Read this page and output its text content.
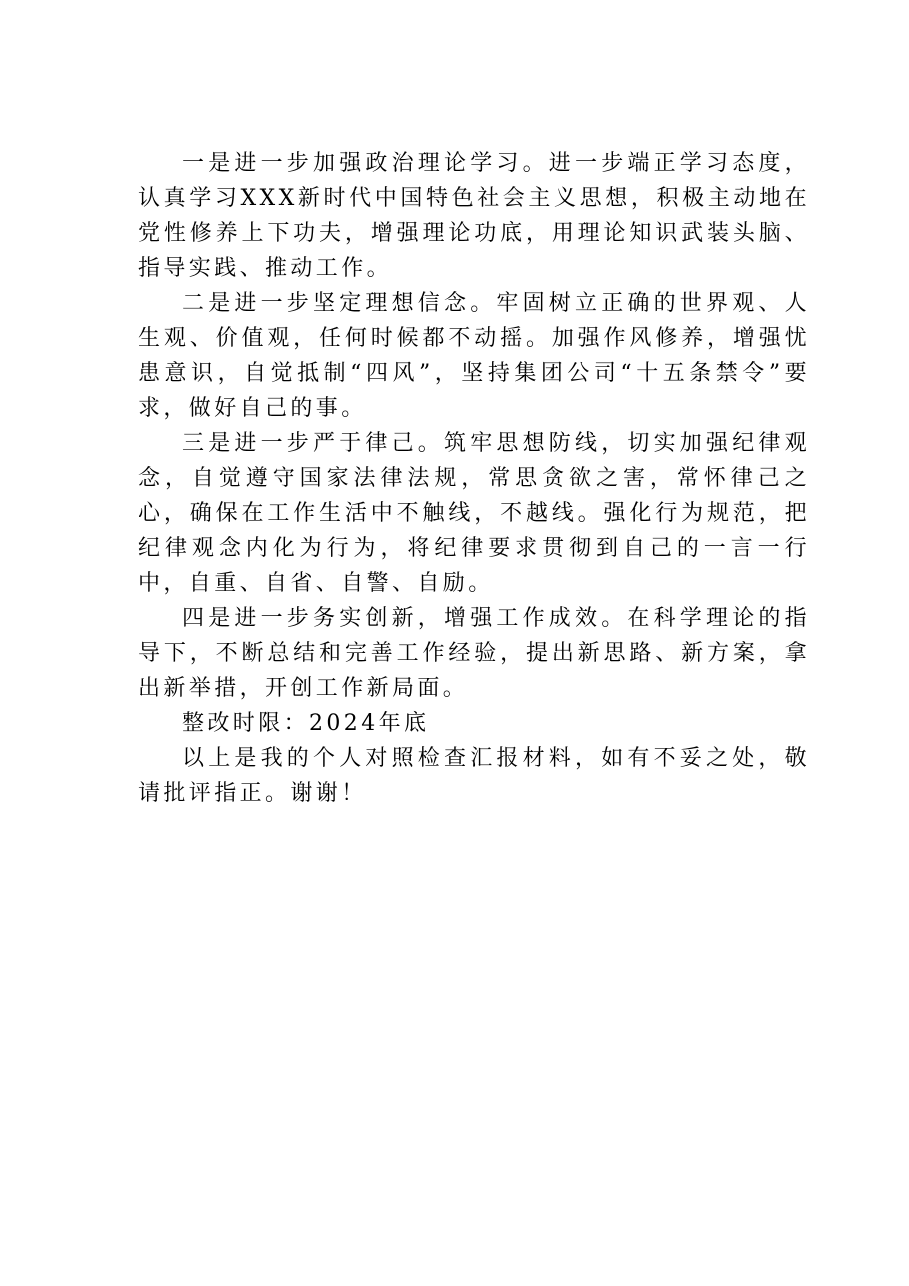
一是进一步加强政治理论学习。进一步端正学习态度，认真学习XXX新时代中国特色社会主义思想，积极主动地在党性修养上下功夫，增强理论功底，用理论知识武装头脑、指导实践、推动工作。

二是进一步坚定理想信念。牢固树立正确的世界观、人生观、价值观，任何时候都不动摇。加强作风修养，增强忧患意识，自觉抵制“四风”，坚持集团公司“十五条禁令”要求，做好自己的事。

三是进一步严于律己。筑牢思想防线，切实加强纪律观念，自觉遵守国家法律法规，常思贪欲之害，常怀律己之心，确保在工作生活中不触线，不越线。强化行为规范，把纪律观念内化为行为，将纪律要求贯彻到自己的一言一行中，自重、自省、自警、自励。

四是进一步务实创新，增强工作成效。在科学理论的指导下，不断总结和完善工作经验，提出新思路、新方案，拿出新举措，开创工作新局面。

整改时限：2024年底

以上是我的个人对照检查汇报材料，如有不妥之处，敬请批评指正。谢谢！
